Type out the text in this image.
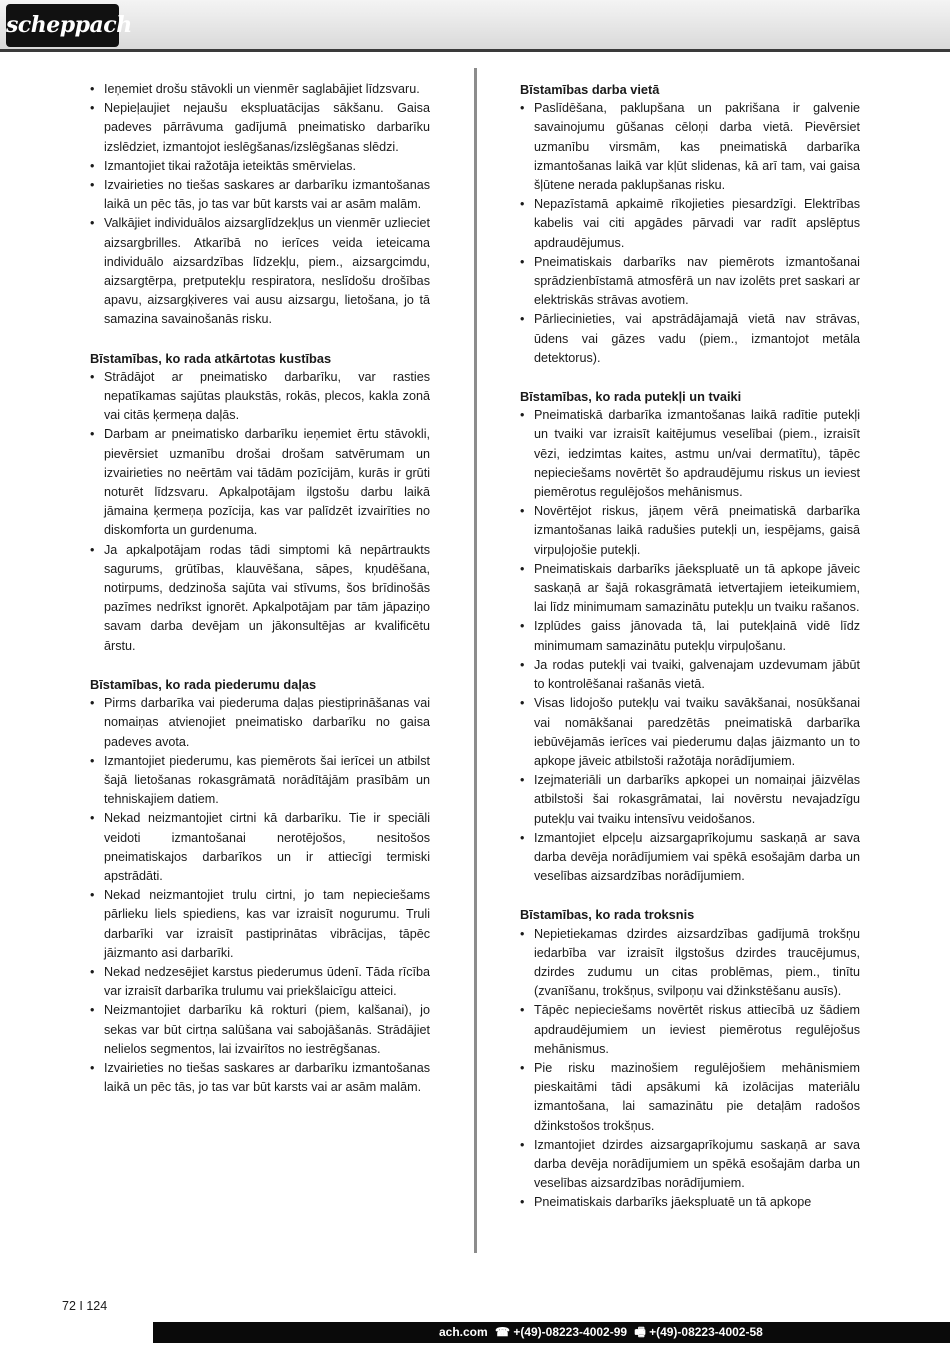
scheppach
• Ieņemiet drošu stāvokli un vienmēr saglabājiet līdzsvaru.
• Nepieļaujiet nejaušu ekspluatācijas sākšanu. Gaisa padeves pārrāvuma gadījumā pneimatisko darbarīku izslēdziet, izmantojot ieslēgšanas/izslēgšanas slēdzi.
• Izmantojiet tikai ražotāja ieteiktās smērvielas.
• Izvairieties no tiešas saskares ar darbarīku izmantošanas laikā un pēc tās, jo tas var būt karsts vai ar asām malām.
• Valkājiet individuālos aizsarglīdzekļus un vienmēr uzlieciet aizsargbrilles. Atkarībā no ierīces veida ieteicama individuālo aizsardzības līdzekļu, piem., aizsargcimdu, aizsargtērpa, pretputekļu respiratora, neslīdošu drošības apavu, aizsargķiveres vai ausu aizsargu, lietošana, jo tā samazina savainošanās risku.

Bīstamības, ko rada atkārtotas kustības

• Strādājot ar pneimatisko darbarīku, var rasties nepatīkamas sajūtas plaukstās, rokās, plecos, kakla zonā vai citās ķermeņa daļās.
• Darbam ar pneimatisko darbarīku ieņemiet ērtu stāvokli, pievērsiet uzmanību drošai drošam satvērumam un izvairieties no neērtām vai tādām pozīcijām, kurās ir grūti noturēt līdzsvaru. Apkalpotājam ilgstošu darbu laikā jāmaina ķermeņa pozīcija, kas var palīdzēt izvairīties no diskomforta un gurdenuma.
• Ja apkalpotājam rodas tādi simptomi kā nepārtraukts sagurums, grūtības, klauvēšana, sāpes, kņudēšana, notirpums, dedzinoša sajūta vai stīvums, šos brīdinošās pazīmes nedrīkst ignorēt. Apkalpotājam par tām jāpaziņo savam darba devējam un jākonsultējas ar kvalificētu ārstu.

Bīstamības, ko rada piederumu daļas

• Pirms darbarīka vai piederuma daļas piestiprināšanas vai nomaiņas atvienojiet pneimatisko darbarīku no gaisa padeves avota.
• Izmantojiet piederumu, kas piemērots šai ierīcei un atbilst šajā lietošanas rokasgrāmatā norādītājām prasībām un tehniskajiem datiem.
• Nekad neizmantojiet cirtni kā darbarīku. Tie ir speciāli veidoti izmantošanai nerotējošos, nesitošos pneimatiskajos darbarīkos un ir attiecīgi termiski apstrādāti.
• Nekad neizmantojiet trulu cirtni, jo tam nepieciešams pārlieku liels spiediens, kas var izraisīt nogurumu. Truli darbarīki var izraisīt pastiprinātas vibrācijas, tāpēc jāizmanto asi darbarīki.
• Nekad nedzesējiet karstus piederumus ūdenī. Tāda rīcība var izraisīt darbarīka trulumu vai priekšlaicīgu atteici.
• Neizmantojiet darbarīku kā rokturi (piem, kalšanai), jo sekas var būt cirtņa salūšana vai sabojāšanās. Strādājiet nelielos segmentos, lai izvairītos no iestrēgšanas.
• Izvairieties no tiešas saskares ar darbarīku izmantošanas laikā un pēc tās, jo tas var būt karsts vai ar asām malām.

Bīstamības darba vietā

• Paslīdēšana, paklupšana un pakrišana ir galvenie savainojumu gūšanas cēloņi darba vietā. Pievērsiet uzmanību virsmām, kas pneimatiskā darbarīka izmantošanas laikā var kļūt slidenas, kā arī tam, vai gaisa šļūtene nerada paklupšanas risku.
• Nepazīstamā apkaimē rīkojieties piesardzīgi. Elektrības kabelis vai citi apgādes pārvadi var radīt apslēptus apdraudējumus.
• Pneimatiskais darbarīks nav piemērots izmantošanai sprādzienbīstamā atmosfērā un nav izolēts pret saskari ar elektriskās strāvas avotiem.
• Pārliecinieties, vai apstrādājamajā vietā nav strāvas, ūdens vai gāzes vadu (piem., izmantojot metāla detektorus).

Bīstamības, ko rada putekļi un tvaiki

• Pneimatiskā darbarīka izmantošanas laikā radītie putekļi un tvaiki var izraisīt kaitējumus veselībai (piem., izraisīt vēzi, iedzimtas kaites, astmu un/vai dermatītu), tāpēc nepieciešams novērtēt šo apdraudējumu riskus un ieviest piemērotus regulējošos mehānismus.
• Novērtējot riskus, jāņem vērā pneimatiskā darbarīka izmantošanas laikā radušies putekļi un, iespējams, gaisā virpuļojošie putekļi.
• Pneimatiskais darbarīks jāekspluatē un tā apkope jāveic saskaņā ar šajā rokasgrāmatā ietvertajiem ieteikumiem, lai līdz minimumam samazinātu putekļu un tvaiku rašanos.
• Izplūdes gaiss jānovada tā, lai putekļainā vidē līdz minimumam samazinātu putekļu virpuļošanu.
• Ja rodas putekļi vai tvaiki, galvenajam uzdevumam jābūt to kontrolēšanai rašanās vietā.
• Visas lidojošo putekļu vai tvaiku savākšanai, nosūkšanai vai nomākšanai paredzētās pneimatiskā darbarīka iebūvējamās ierīces vai piederumu daļas jāizmanto un to apkope jāveic atbilstoši ražotāja norādījumiem.
• Izejmateriāli un darbarīks apkopei un nomaiņai jāizvēlas atbilstoši šai rokasgrāmatai, lai novērstu nevajadzīgu putekļu vai tvaiku intensīvu veidošanos.
• Izmantojiet elpceļu aizsargaprīkojumu saskaņā ar sava darba devēja norādījumiem vai spēkā esošajām darba un veselības aizsardzības norādījumiem.

Bīstamības, ko rada troksnis

• Nepietiekamas dzirdes aizsardzības gadījumā trokšņu iedarbība var izraisīt ilgstošus dzirdes traucējumus, dzirdes zudumu un citas problēmas, piem., tinītu (zvanīšanu, trokšņus, svilpoņu vai džinkstēšanu ausīs).
• Tāpēc nepieciešams novērtēt riskus attiecībā uz šādiem apdraudējumiem un ieviest piemērotus regulējošus mehānismus.
• Pie risku mazinošiem regulējošiem mehānismiem pieskaitāmi tādi apsākumi kā izolācijas materiālu izmantošana, lai samazinātu pie detaļām radošos džinkstošos trokšņus.
• Izmantojiet dzirdes aizsargaprīkojumu saskaņā ar sava darba devēja norādījumiem un spēkā esošajām darba un veselības aizsardzības norādījumiem.
• Pneimatiskais darbarīks jāekspluatē un tā apkope
72 I 124
ach.com ☎ +(49)-08223-4002-99 🖷 +(49)-08223-4002-58
